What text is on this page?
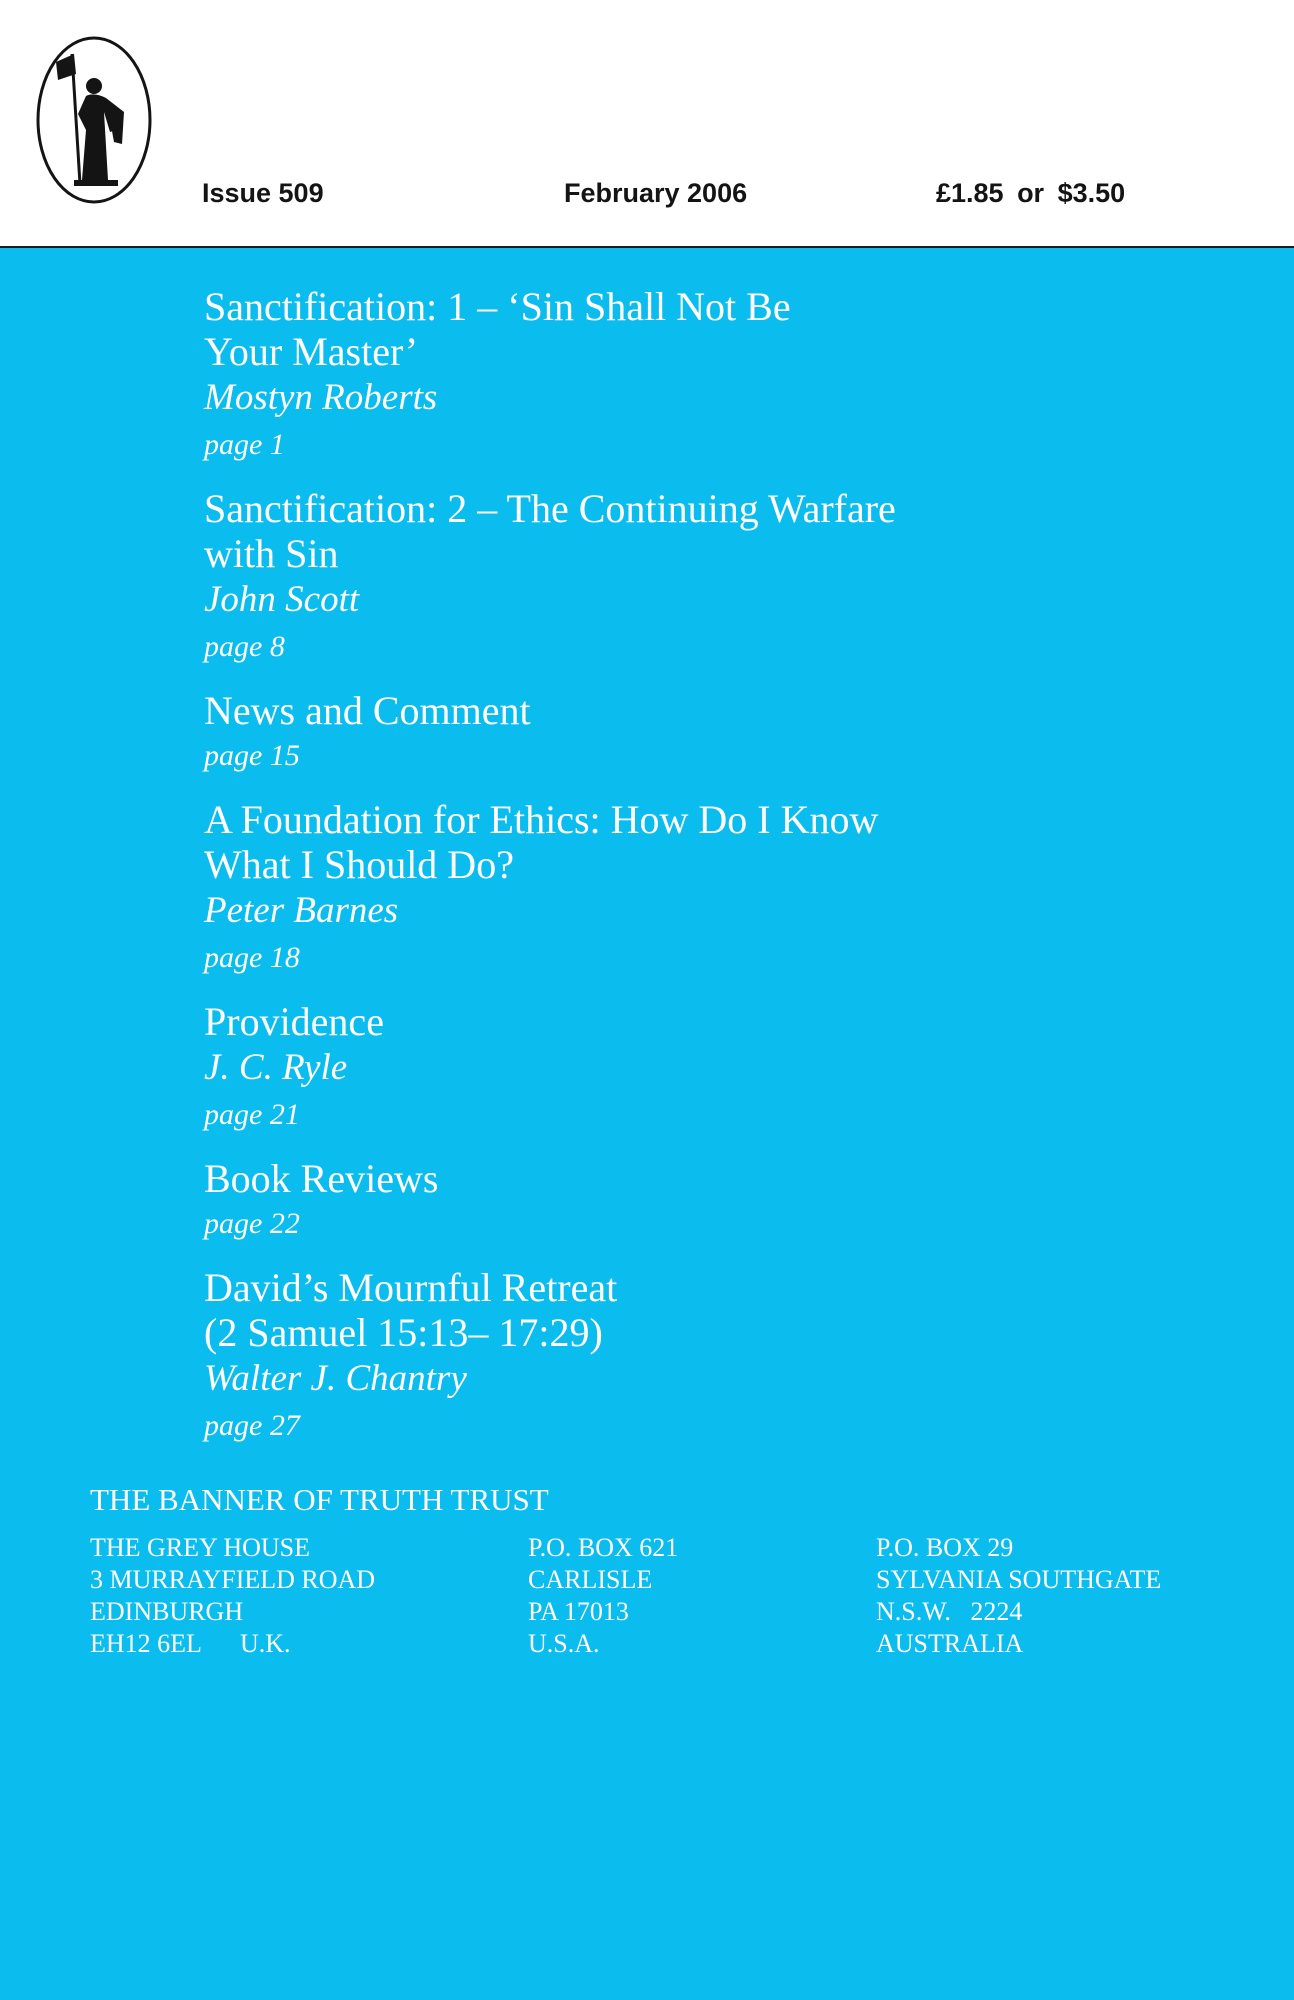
Issue 509	February 2006	£1.85 or $3.50
Sanctification: 1 – ‘Sin Shall Not Be
Your Master’
Mostyn Roberts
page 1
Sanctification: 2 – The Continuing Warfare
with Sin
John Scott
page 8
News and Comment
page 15
A Foundation for Ethics: How Do I Know
What I Should Do?
Peter Barnes
page 18
Providence
J. C. Ryle
page 21
Book Reviews
page 22
David’s Mournful Retreat
(2 Samuel 15:13– 17:29)
Walter J. Chantry
page 27
THE BANNER OF TRUTH TRUST
THE GREY HOUSE
3 MURRAYFIELD ROAD
EDINBURGH
EH12 6EL      U.K.
P.O. BOX 621
CARLISLE
PA 17013
U.S.A.
P.O. BOX 29
SYLVANIA SOUTHGATE
N.S.W.   2224
AUSTRALIA
